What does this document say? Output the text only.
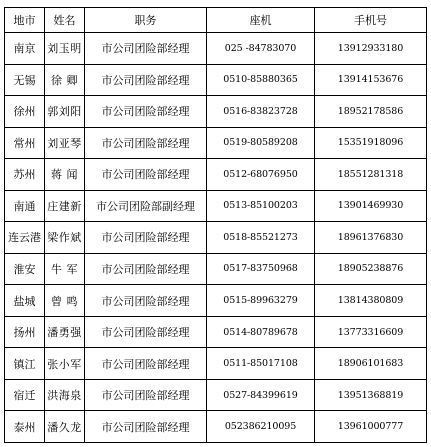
地市	姓名	职务	座机	手机号
南京	刘玉明	市公司团险部经理	025 -84783070	13912933180
无锡	徐 卿	市公司团险部经理	0510-85880365	13914153676
徐州	郭刘阳	市公司团险部经理	0516-83823728	18952178586
常州	刘亚琴	市公司团险部经理	0519-80589208	15351918096
苏州	蒋 闻	市公司团险部经理	0512-68076950	18551281318
南通	庄建新	市公司团险部副经理	0513-85100203	13901469930
连云港	梁作斌	市公司团险部经理	0518-85521273	18961376830
淮安	牛 军	市公司团险部经理	0517-83750968	18905238876
盐城	曾 鸣	市公司团险部经理	0515-89963279	13814380809
扬州	潘勇强	市公司团险部经理	0514-80789678	13773316609
镇江	张小军	市公司团险部经理	0511-85017108	18906101683
宿迁	洪海泉	市公司团险部经理	0527-84399619	13951368819
泰州	潘久龙	市公司团险部经理	052386210095	13961000777
